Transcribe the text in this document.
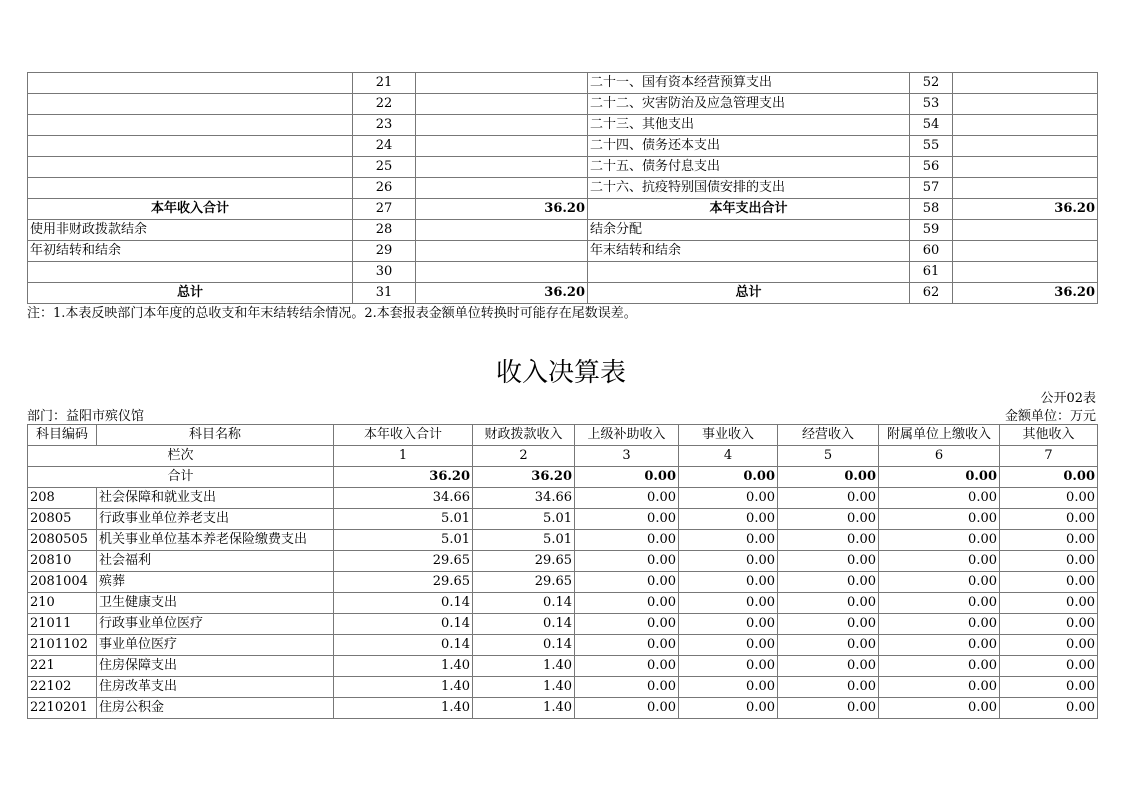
	21		二十一、国有资本经营预算支出	52	
	22		二十二、灾害防治及应急管理支出	53	
	23		二十三、其他支出	54	
	24		二十四、债务还本支出	55	
	25		二十五、债务付息支出	56	
	26		二十六、抗疫特别国债安排的支出	57	
本年收入合计	27	36.20	本年支出合计	58	36.20
使用非财政拨款结余	28		结余分配	59	
年初结转和结余	29		年末结转和结余	60	
	30			61	
总计	31	36.20	总计	62	36.20
注：1.本表反映部门本年度的总收支和年末结转结余情况。2.本套报表金额单位转换时可能存在尾数误差。
收入决算表
公开02表
部门：益阳市殡仪馆	金额单位：万元
科目编码	科目名称	本年收入合计	财政拨款收入	上级补助收入	事业收入	经营收入	附属单位上缴收入	其他收入
栏次		1	2	3	4	5	6	7
合计		36.20	36.20	0.00	0.00	0.00	0.00	0.00
208	社会保障和就业支出	34.66	34.66	0.00	0.00	0.00	0.00	0.00
20805	行政事业单位养老支出	5.01	5.01	0.00	0.00	0.00	0.00	0.00
2080505	机关事业单位基本养老保险缴费支出	5.01	5.01	0.00	0.00	0.00	0.00	0.00
20810	社会福利	29.65	29.65	0.00	0.00	0.00	0.00	0.00
2081004	殡葬	29.65	29.65	0.00	0.00	0.00	0.00	0.00
210	卫生健康支出	0.14	0.14	0.00	0.00	0.00	0.00	0.00
21011	行政事业单位医疗	0.14	0.14	0.00	0.00	0.00	0.00	0.00
2101102	事业单位医疗	0.14	0.14	0.00	0.00	0.00	0.00	0.00
221	住房保障支出	1.40	1.40	0.00	0.00	0.00	0.00	0.00
22102	住房改革支出	1.40	1.40	0.00	0.00	0.00	0.00	0.00
2210201	住房公积金	1.40	1.40	0.00	0.00	0.00	0.00	0.00
